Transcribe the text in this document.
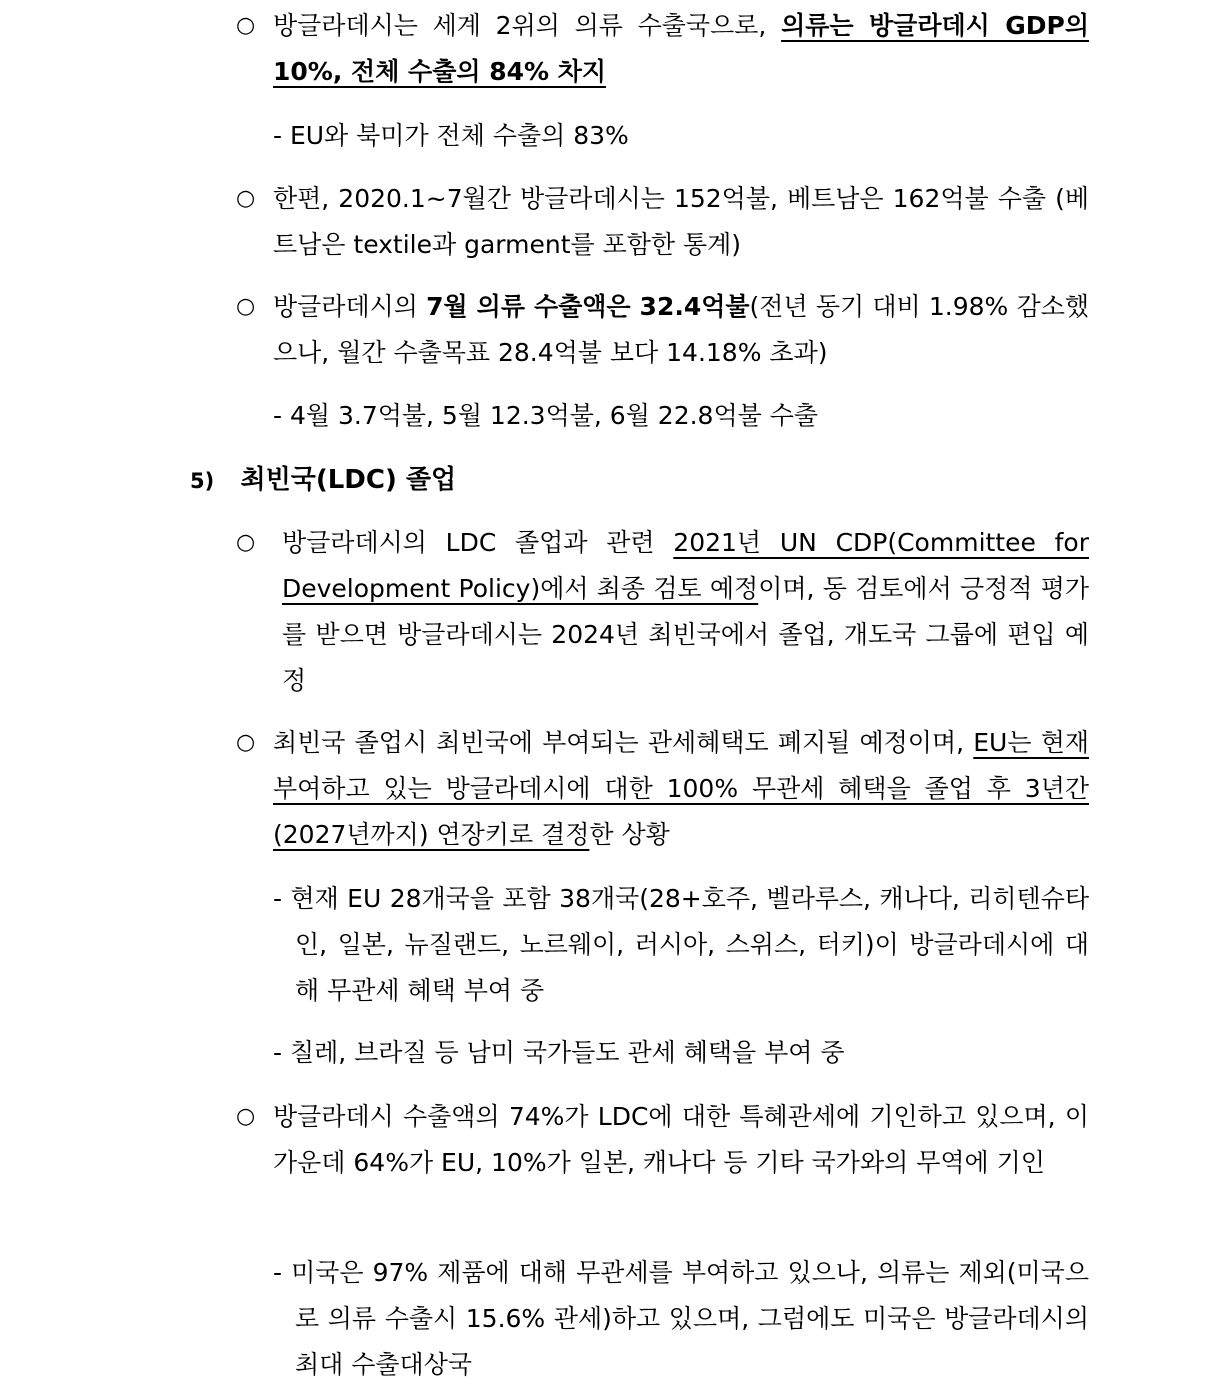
○ 방글라데시는 세계 2위의 의류 수출국으로, 의류는 방글라데시 GDP의 10%, 전체 수출의 84% 차지
- EU와 북미가 전체 수출의 83%
○ 한편, 2020.1~7월간 방글라데시는 152억불, 베트남은 162억불 수출 (베트남은 textile과 garment를 포함한 통계)
○ 방글라데시의 7월 의류 수출액은 32.4억불(전년 동기 대비 1.98% 감소했으나, 월간 수출목표 28.4억불 보다 14.18% 초과)
- 4월 3.7억불, 5월 12.3억불, 6월 22.8억불 수출
5) 최빈국(LDC) 졸업
○ 방글라데시의 LDC 졸업과 관련 2021년 UN CDP(Committee for Development Policy)에서 최종 검토 예정이며, 동 검토에서 긍정적 평가를 받으면 방글라데시는 2024년 최빈국에서 졸업, 개도국 그룹에 편입 예정
○ 최빈국 졸업시 최빈국에 부여되는 관세혜택도 폐지될 예정이며, EU는 현재 부여하고 있는 방글라데시에 대한 100% 무관세 혜택을 졸업 후 3년간(2027년까지) 연장키로 결정한 상황
- 현재 EU 28개국을 포함 38개국(28+호주, 벨라루스, 캐나다, 리히텐슈타인, 일본, 뉴질랜드, 노르웨이, 러시아, 스위스, 터키)이 방글라데시에 대해 무관세 혜택 부여 중
- 칠레, 브라질 등 남미 국가들도 관세 혜택을 부여 중
○ 방글라데시 수출액의 74%가 LDC에 대한 특혜관세에 기인하고 있으며, 이 가운데 64%가 EU, 10%가 일본, 캐나다 등 기타 국가와의 무역에 기인
- 미국은 97% 제품에 대해 무관세를 부여하고 있으나, 의류는 제외(미국으로 의류 수출시 15.6% 관세)하고 있으며, 그럼에도 미국은 방글라데시의 최대 수출대상국
